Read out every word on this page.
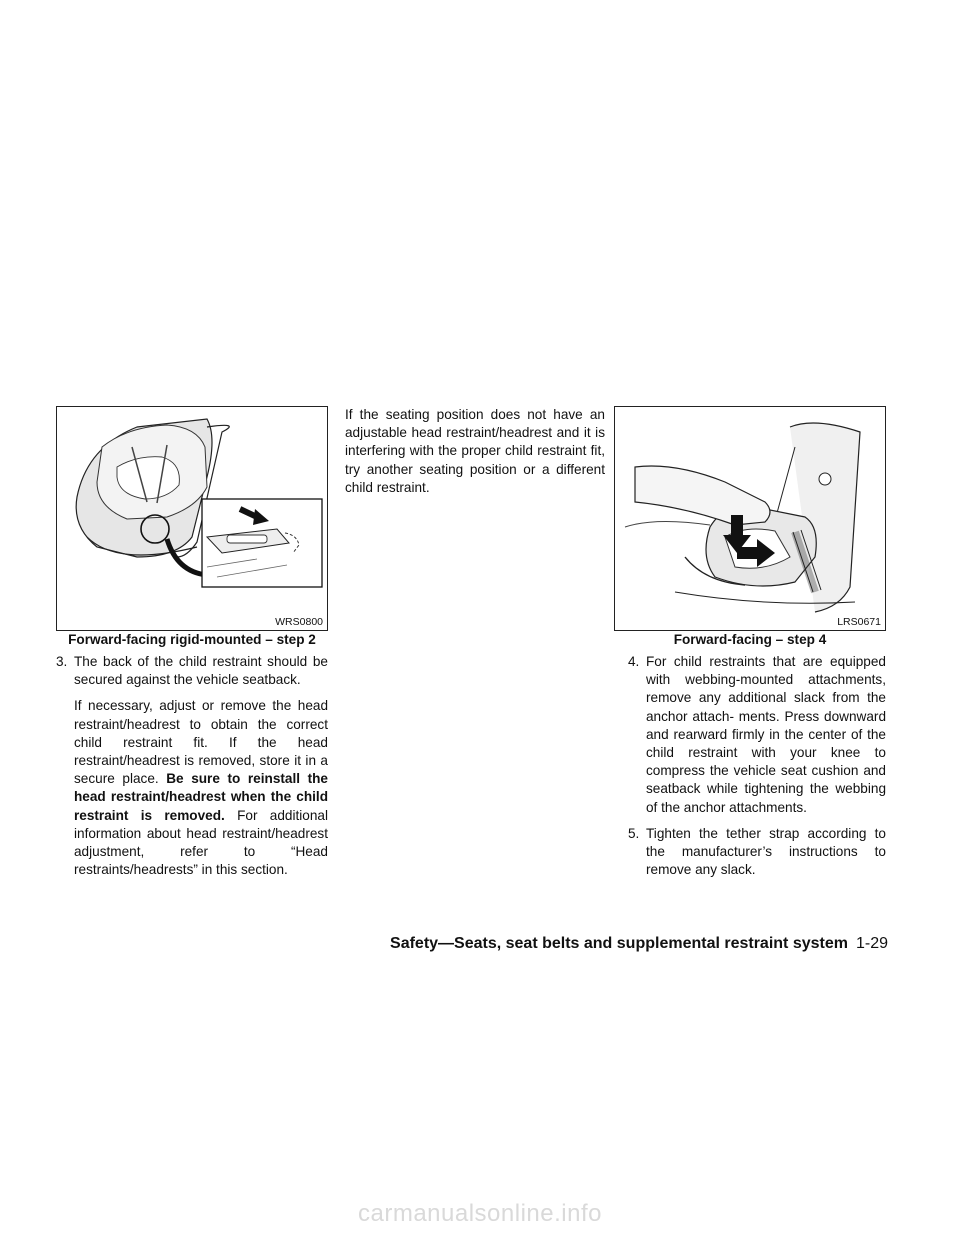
WRS0800
Forward-facing rigid-mounted – step 2

3. The back of the child restraint should be secured against the vehicle seatback.

If necessary, adjust or remove the head restraint/headrest to obtain the correct child restraint fit. If the head restraint/headrest is removed, store it in a secure place. Be sure to reinstall the head restraint/headrest when the child restraint is removed. For additional information about head restraint/headrest adjustment, refer to “Head restraints/headrests” in this section.

If the seating position does not have an adjustable head restraint/headrest and it is interfering with the proper child restraint fit, try another seating position or a different child restraint.

LRS0671
Forward-facing – step 4

4. For child restraints that are equipped with webbing-mounted attachments, remove any additional slack from the anchor attach- ments. Press downward and rearward firmly in the center of the child restraint with your knee to compress the vehicle seat cushion and seatback while tightening the webbing of the anchor attachments.

5. Tighten the tether strap according to the manufacturer’s instructions to remove any slack.

Safety—Seats, seat belts and supplemental restraint system 1-29
carmanualsonline.info
